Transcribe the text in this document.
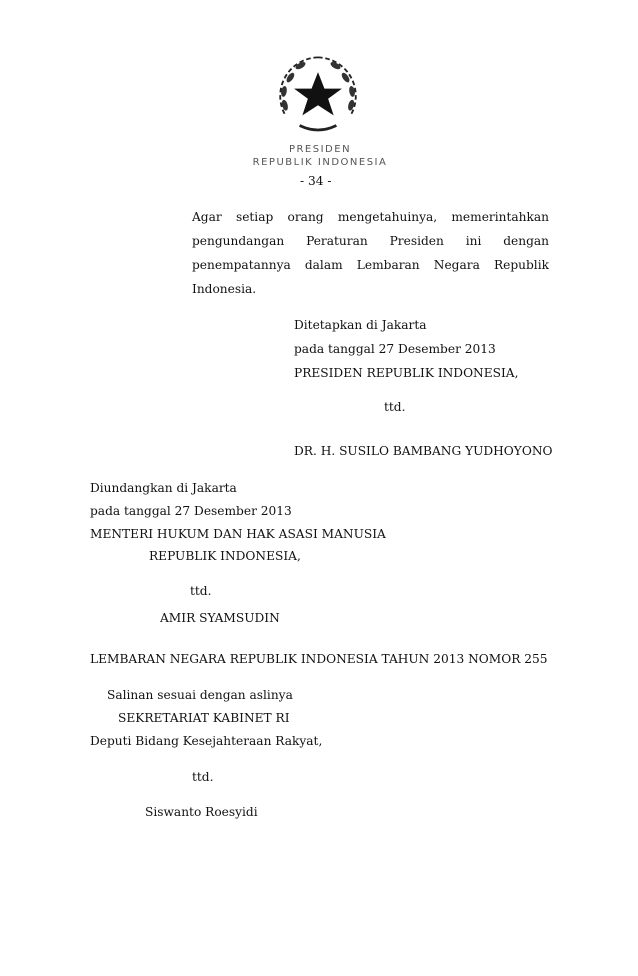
PRESIDEN
REPUBLIK INDONESIA
- 34 -
Agar setiap orang mengetahuinya, memerintahkan
pengundangan Peraturan Presiden ini dengan
penempatannya dalam Lembaran Negara Republik
Indonesia.
Ditetapkan di Jakarta
pada tanggal 27 Desember 2013
PRESIDEN REPUBLIK INDONESIA,
ttd.
DR. H. SUSILO BAMBANG YUDHOYONO
Diundangkan di Jakarta
pada tanggal 27 Desember 2013
MENTERI HUKUM DAN HAK ASASI MANUSIA
REPUBLIK INDONESIA,
ttd.
AMIR SYAMSUDIN
LEMBARAN NEGARA REPUBLIK INDONESIA TAHUN 2013 NOMOR 255
Salinan sesuai dengan aslinya
SEKRETARIAT KABINET RI
Deputi Bidang Kesejahteraan Rakyat,
ttd.
Siswanto Roesyidi
